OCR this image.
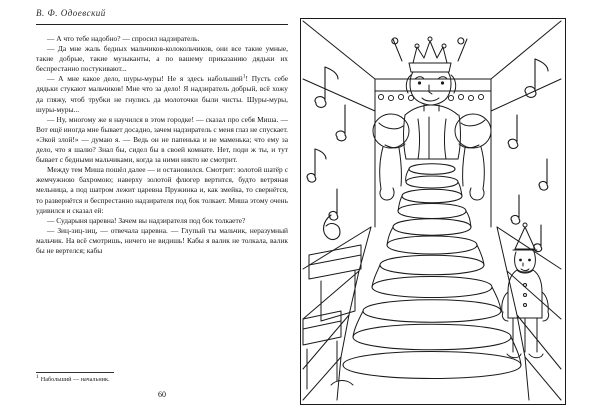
В. Ф. Одоевский

— А что тебе надобно? — спросил надзиратель.

— Да мне жаль бедных мальчиков-колокольчиков, они все такие умные, такие добрые, такие музыканты, а по вашему приказанию дядьки их беспрестанно постукивают...

— А мне какое дело, шуры-муры! Не я здесь набольший$^1$! Пусть себе дядьки стукают мальчиков! Мне что за дело! Я надзиратель добрый, всё хожу да гляжу, чтоб трубки не гнулись да молоточки были чисты. Шуры-муры, шуры-муры...

— Ну, многому же я научился в этом городке! — сказал про себя Миша. — Вот ещё иногда мне бывает досадно, зачем надзиратель с меня глаз не спускает. «Экой злой!» — думаю я. — Ведь он не папенька и не маменька; что ему за дело, что я шалю? Знал бы, сидел бы в своей комнате. Нет, поди ж ты, и тут бывает с бедными мальчиками, когда за ними никто не смотрит.

Между тем Миша пошёл далее — и остановился. Смотрит: золотой шатёр с жемчужною бахромою; наверху золотой флюгер вертится, будто ветряная мельница, а под шатром лежит царевна Пружинка и, как змейка, то свернётся, то развернётся и беспрестанно надзирателя под бок толкает. Миша этому очень удивился и сказал ей:

— Сударыня царевна! Зачем вы надзирателя под бок толкаете?

— Зиц-зиц-зиц, — отвечала царевна. — Глупый ты мальчик, неразумный мальчик. На всё смотришь, ничего не видишь! Кабы я валик не толкала, валик бы не вертелся; кабы

1 Набольший — начальник.
60
